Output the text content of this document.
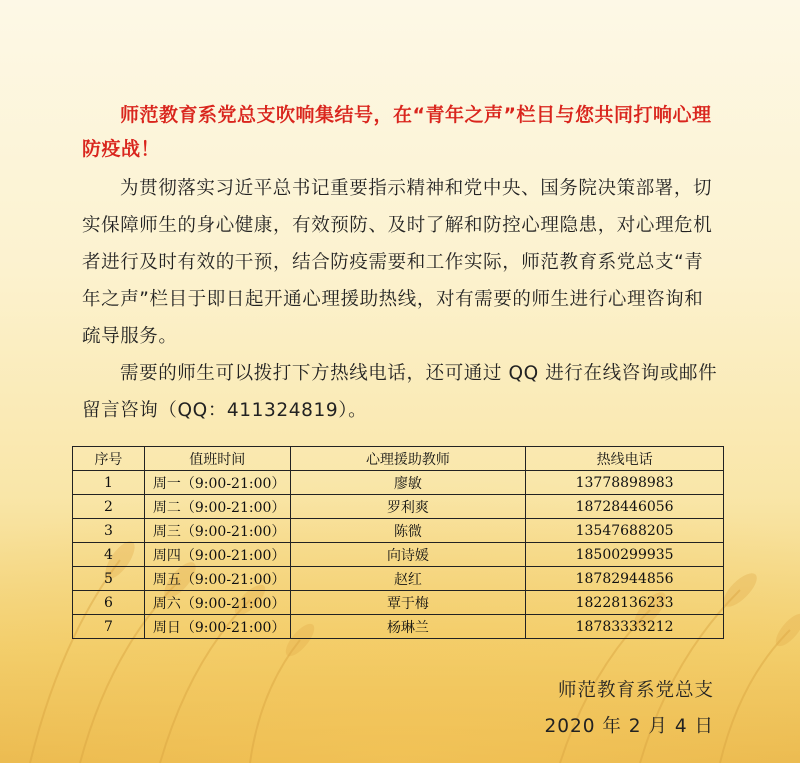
师范教育系党总支吹响集结号，在“青年之声”栏目与您共同打响心理防疫战！

为贯彻落实习近平总书记重要指示精神和党中央、国务院决策部署，切实保障师生的身心健康，有效预防、及时了解和防控心理隐患，对心理危机者进行及时有效的干预，结合防疫需要和工作实际，师范教育系党总支“青年之声”栏目于即日起开通心理援助热线，对有需要的师生进行心理咨询和疏导服务。

需要的师生可以拨打下方热线电话，还可通过 QQ 进行在线咨询或邮件留言咨询（QQ：411324819）。

序号	值班时间	心理援助教师	热线电话
1	周一（9:00-21:00）	廖敏	13778898983
2	周二（9:00-21:00）	罗利爽	18728446056
3	周三（9:00-21:00）	陈微	13547688205
4	周四（9:00-21:00）	向诗媛	18500299935
5	周五（9:00-21:00）	赵红	18782944856
6	周六（9:00-21:00）	覃于梅	18228136233
7	周日（9:00-21:00）	杨琳兰	18783333212
师范教育系党总支
2020 年 2 月 4 日
